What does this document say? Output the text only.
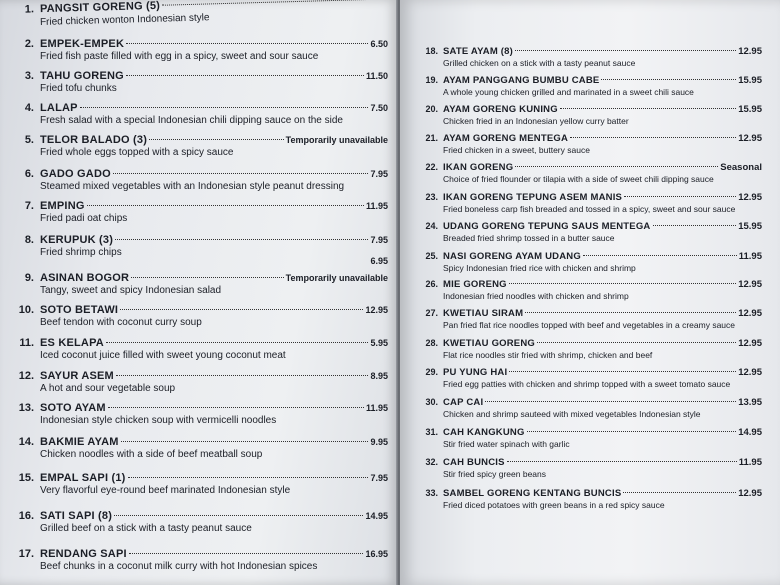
1. PANGSIT GORENG (5)
Fried chicken wonton Indonesian style
2. EMPEK-EMPEK	6.50
Fried fish paste filled with egg in a spicy, sweet and sour sauce
3. TAHU GORENG	11.50
Fried tofu chunks
4. LALAP	7.50
Fresh salad with a special Indonesian chili dipping sauce on the side
5. TELOR BALADO (3)	Temporarily unavailable
Fried whole eggs topped with a spicy sauce
6. GADO GADO	7.95
Steamed mixed vegetables with an Indonesian style peanut dressing
7. EMPING	11.95
Fried padi oat chips
8. KERUPUK (3)	7.95
Fried shrimp chips
6.95
9. ASINAN BOGOR	Temporarily unavailable
Tangy, sweet and spicy Indonesian salad
10. SOTO BETAWI	12.95
Beef tendon with coconut curry soup
11. ES KELAPA	5.95
Iced coconut juice filled with sweet young coconut meat
12. SAYUR ASEM	8.95
A hot and sour vegetable soup
13. SOTO AYAM	11.95
Indonesian style chicken soup with vermicelli noodles
14. BAKMIE AYAM	9.95
Chicken noodles with a side of beef meatball soup
15. EMPAL SAPI (1)	7.95
Very flavorful eye-round beef marinated Indonesian style
16. SATI SAPI (8)	14.95
Grilled beef on a stick with a tasty peanut sauce
17. RENDANG SAPI	16.95
Beef chunks in a coconut milk curry with hot Indonesian spices
18. SATE AYAM (8)	12.95
Grilled chicken on a stick with a tasty peanut sauce
19. AYAM PANGGANG BUMBU CABE	15.95
A whole young chicken grilled and marinated in a sweet chili sauce
20. AYAM GORENG KUNING	15.95
Chicken fried in an Indonesian yellow curry batter
21. AYAM GORENG MENTEGA	12.95
Fried chicken in a sweet, buttery sauce
22. IKAN GORENG	Seasonal
Choice of fried flounder or tilapia with a side of sweet chili dipping sauce
23. IKAN GORENG TEPUNG ASEM MANIS	12.95
Fried boneless carp fish breaded and tossed in a spicy, sweet and sour sauce
24. UDANG GORENG TEPUNG SAUS MENTEGA	15.95
Breaded fried shrimp tossed in a butter sauce
25. NASI GORENG AYAM UDANG	11.95
Spicy Indonesian fried rice with chicken and shrimp
26. MIE GORENG	12.95
Indonesian fried noodles with chicken and shrimp
27. KWETIAU SIRAM	12.95
Pan fried flat rice noodles topped with beef and vegetables in a creamy sauce
28. KWETIAU GORENG	12.95
Flat rice noodles stir fried with shrimp, chicken and beef
29. PU YUNG HAI	12.95
Fried egg patties with chicken and shrimp topped with a sweet tomato sauce
30. CAP CAI	13.95
Chicken and shrimp sauteed with mixed vegetables Indonesian style
31. CAH KANGKUNG	14.95
Stir fried water spinach with garlic
32. CAH BUNCIS	11.95
Stir fried spicy green beans
33. SAMBEL GORENG KENTANG BUNCIS	12.95
Fried diced potatoes with green beans in a red spicy sauce
